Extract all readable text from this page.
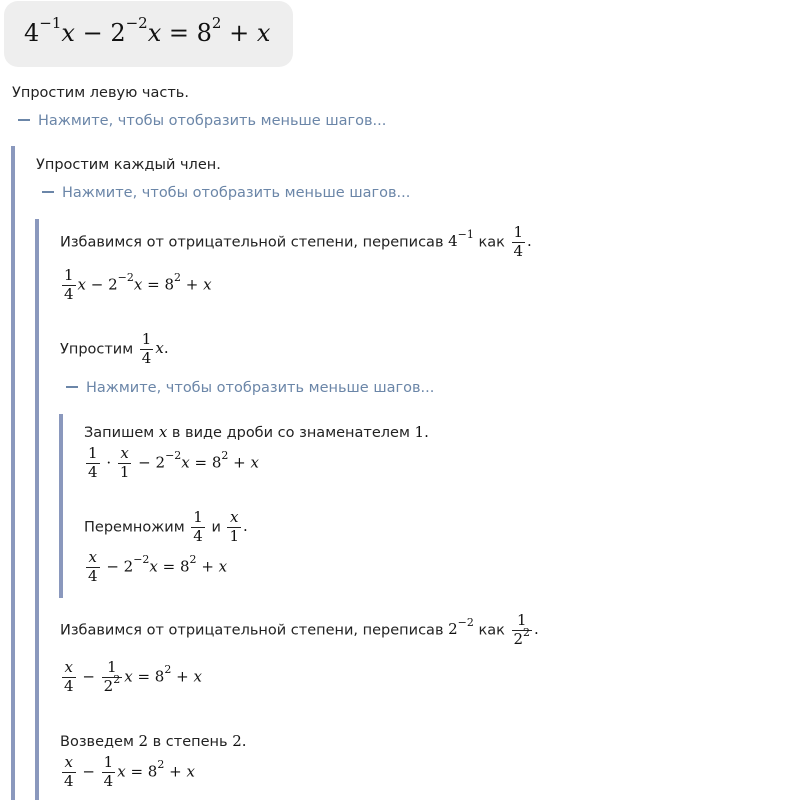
$4^{-1}x - 2^{-2}x = 8^2 + x$
Упростим левую часть.
Нажмите, чтобы отобразить меньше шагов...
Упростим каждый член.
Нажмите, чтобы отобразить меньше шагов...
Избавимся от отрицательной степени, переписав $4^{-1}$ как $\frac{1}{4}$ .
$\frac{1}{4}$ $x - 2^{-2}x = 8^2 + x$
Упростим $\frac{1}{4} x$.
Нажмите, чтобы отобразить меньше шагов...
Запишем x в виде дроби со знаменателем 1.
$\frac{1}{4} \cdot \frac{x}{1} - 2^{-2}x = 8^2 + x$
Перемножим $\frac{1}{4}$ и $\frac{x}{1}$ .
$\frac{x}{4} - 2^{-2}x = 8^2 + x$
Избавимся от отрицательной степени, переписав $2^{-2}$ как $\frac{1}{2^2}$ .
$\frac{x}{4} - \frac{1}{2^2}$ $x = 8^2 + x$
Возведем 2 в степень 2.
$\frac{x}{4} - \frac{1}{4}$ $x = 8^2 + x$
